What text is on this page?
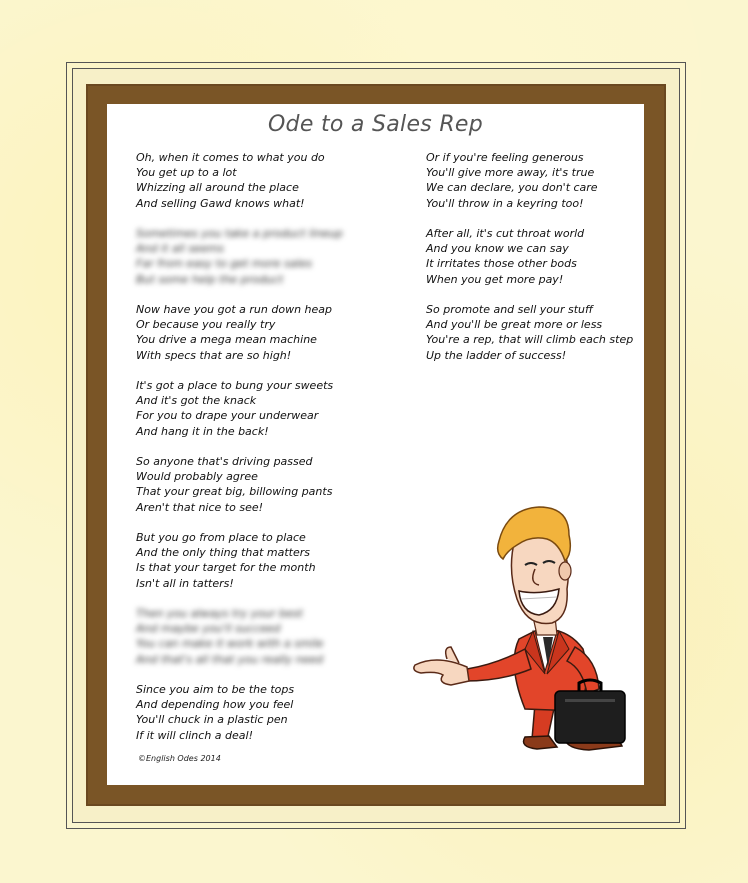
Ode to a Sales Rep
Oh, when it comes to what you do
You get up to a lot
Whizzing all around the place
And selling Gawd knows what!
Sometimes you take a product lineup
And it all seems
Far from easy to get more sales
But some help the product
Now have you got a run down heap
Or because you really try
You drive a mega mean machine
With specs that are so high!
It's got a place to bung your sweets
And it's got the knack
For you to drape your underwear
And hang it in the back!
So anyone that's driving passed
Would probably agree
That your great big, billowing pants
Aren't that nice to see!
But you go from place to place
And the only thing that matters
Is that your target for the month
Isn't all in tatters!
Then you always try your best
And maybe you'll succeed
You can make it work with a smile
And that's all that you really need
Since you aim to be the tops
And depending how you feel
You'll chuck in a plastic pen
If it will clinch a deal!
Or if you're feeling generous
You'll give more away, it's true
We can declare, you don't care
You'll throw in a keyring too!
After all, it's cut throat world
And you know we can say
It irritates those other bods
When you get more pay!
So promote and sell your stuff
And you'll be great more or less
You're a rep, that will climb each step
Up the ladder of success!
©English Odes 2014
